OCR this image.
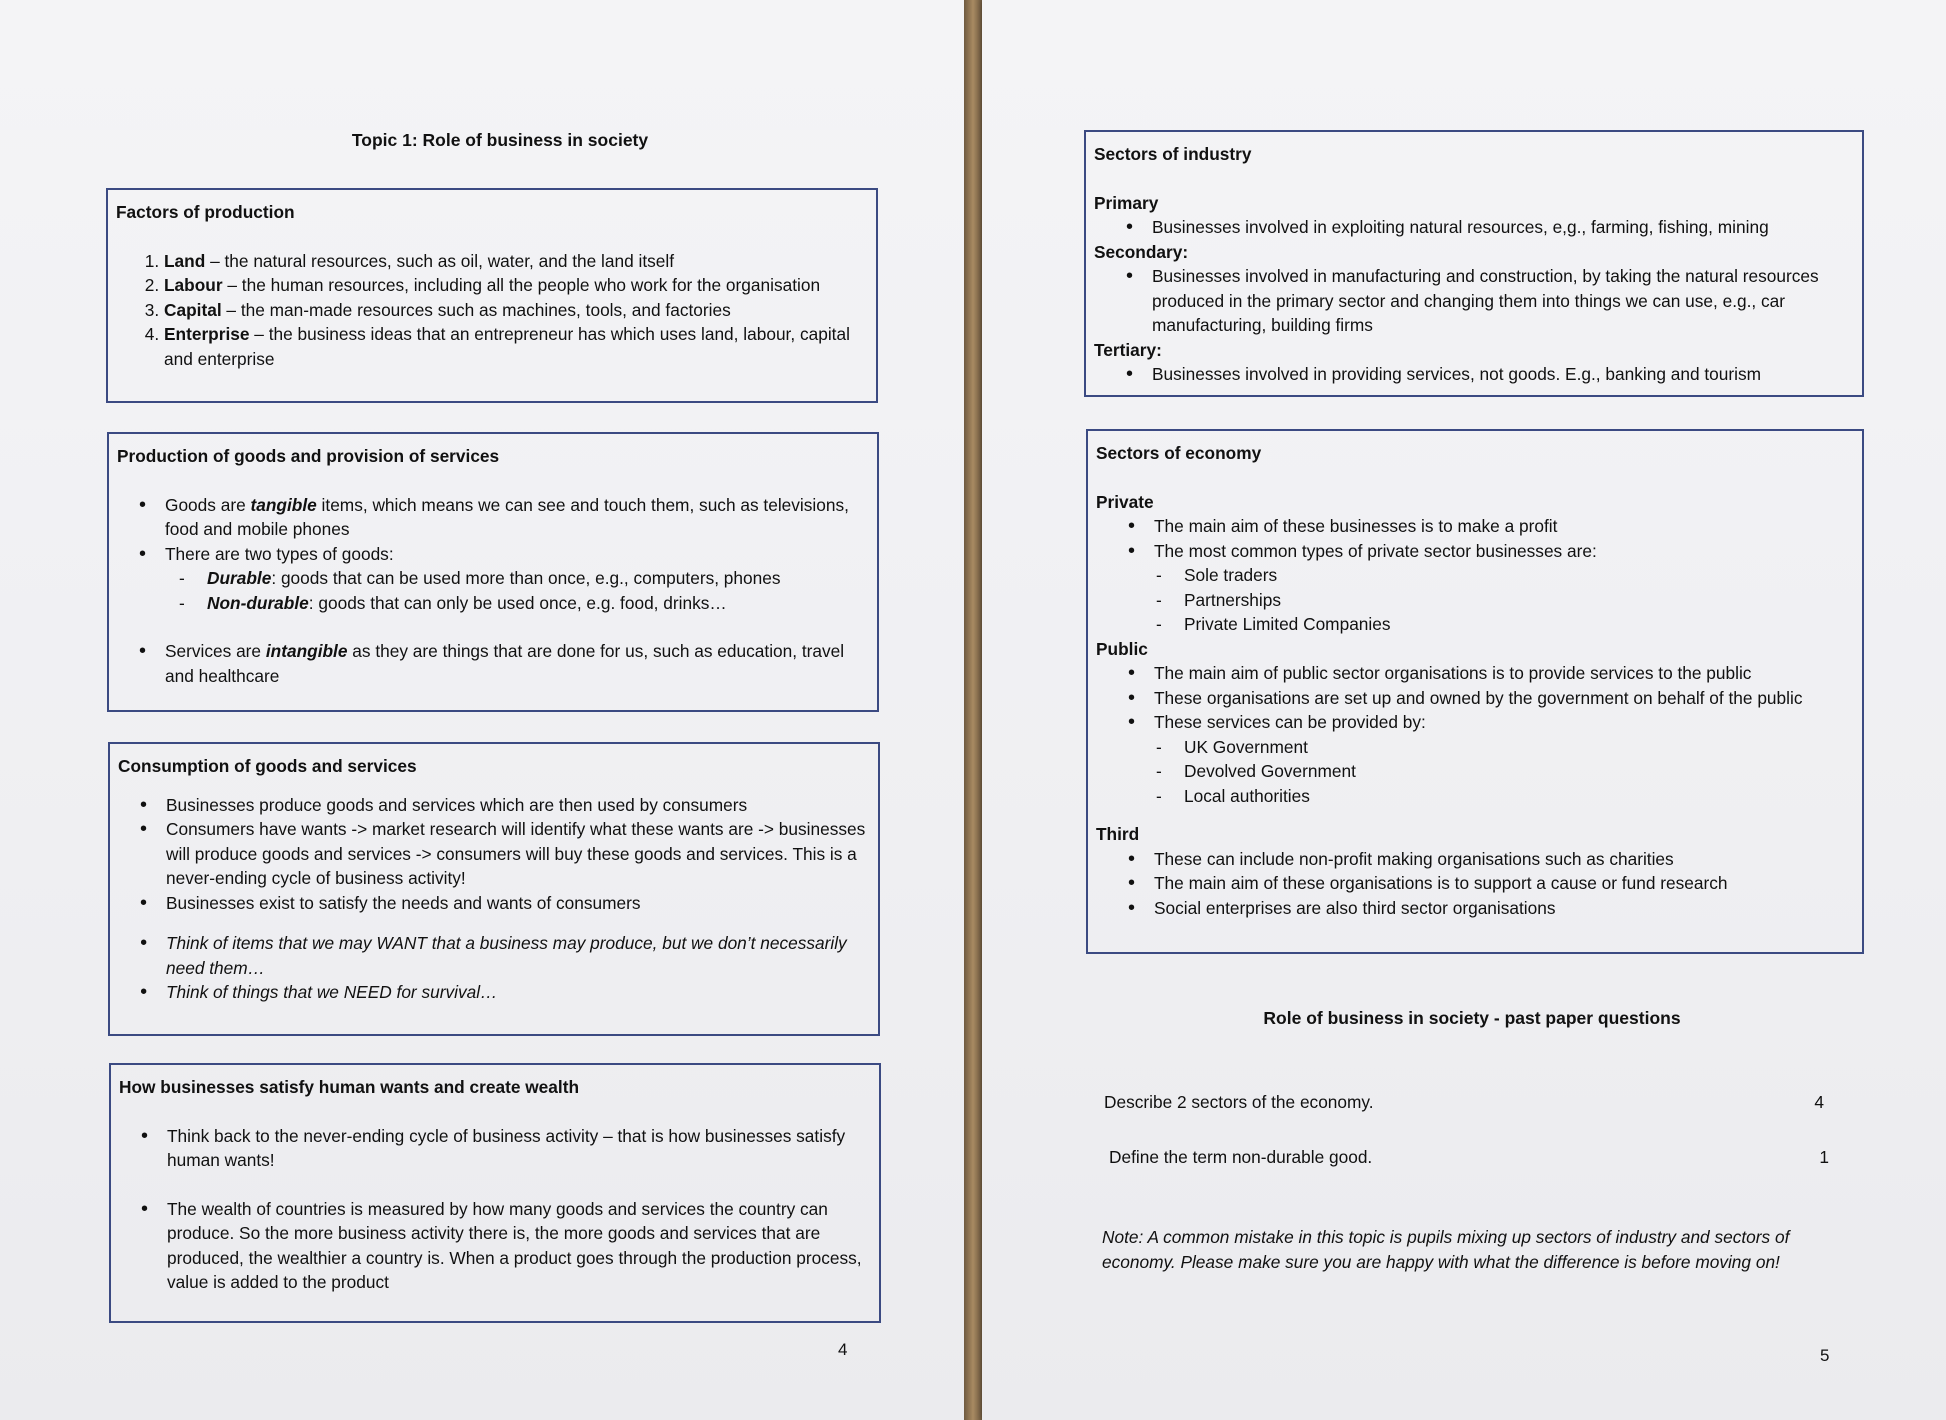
Topic 1: Role of business in society

Factors of production

1. Land – the natural resources, such as oil, water, and the land itself
2. Labour – the human resources, including all the people who work for the organisation
3. Capital – the man-made resources such as machines, tools, and factories
4. Enterprise – the business ideas that an entrepreneur has which uses land, labour, capital and enterprise

Production of goods and provision of services

• Goods are tangible items, which means we can see and touch them, such as televisions, food and mobile phones
• There are two types of goods:
- Durable: goods that can be used more than once, e.g., computers, phones
- Non-durable: goods that can only be used once, e.g. food, drinks…
• Services are intangible as they are things that are done for us, such as education, travel and healthcare

Consumption of goods and services

• Businesses produce goods and services which are then used by consumers
• Consumers have wants -> market research will identify what these wants are -> businesses will produce goods and services -> consumers will buy these goods and services. This is a never-ending cycle of business activity!
• Businesses exist to satisfy the needs and wants of consumers
• Think of items that we may WANT that a business may produce, but we don’t necessarily need them…
• Think of things that we NEED for survival…

How businesses satisfy human wants and create wealth

• Think back to the never-ending cycle of business activity – that is how businesses satisfy human wants!
• The wealth of countries is measured by how many goods and services the country can produce. So the more business activity there is, the more goods and services that are produced, the wealthier a country is. When a product goes through the production process, value is added to the product
4

Sectors of industry

Primary

• Businesses involved in exploiting natural resources, e,g., farming, fishing, mining

Secondary:

• Businesses involved in manufacturing and construction, by taking the natural resources produced in the primary sector and changing them into things we can use, e.g., car manufacturing, building firms

Tertiary:

• Businesses involved in providing services, not goods. E.g., banking and tourism

Sectors of economy

Private

• The main aim of these businesses is to make a profit
• The most common types of private sector businesses are:
- Sole traders
- Partnerships
- Private Limited Companies

Public

• The main aim of public sector organisations is to provide services to the public
• These organisations are set up and owned by the government on behalf of the public
• These services can be provided by:
- UK Government
- Devolved Government
- Local authorities

Third

• These can include non-profit making organisations such as charities
• The main aim of these organisations is to support a cause or fund research
• Social enterprises are also third sector organisations
Role of business in society - past paper questions
Describe 2 sectors of the economy.	4
Define the term non-durable good.	1
Note: A common mistake in this topic is pupils mixing up sectors of industry and sectors of economy. Please make sure you are happy with what the difference is before moving on!
5
